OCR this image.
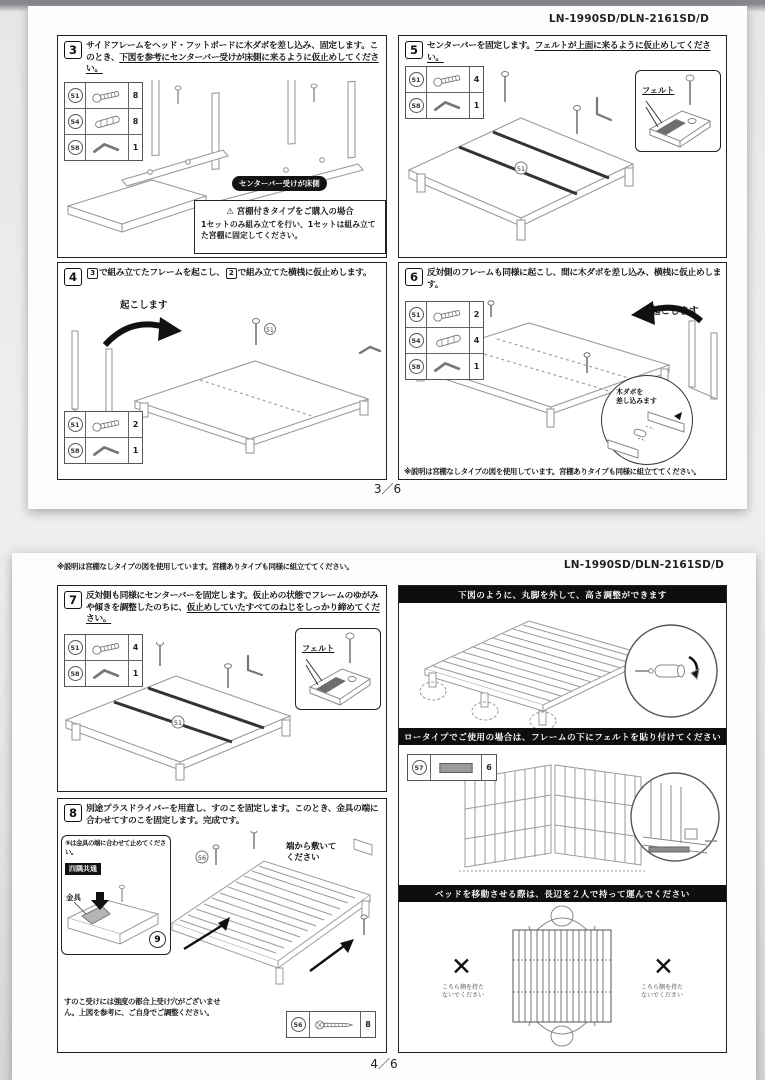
LN-1990SD/DLN-2161SD/D
3	サイドフレームをヘッド・フットボードに木ダボを差し込み、固定します。このとき、下図を参考にセンターバー受けが床側に来るように仮止めしてください。

センターバー受けが床側

⚠ 宮棚付きタイプをご購入の場合

1セットのみ組み立てを行い、1セットは組み立てた宮棚に固定してください。

51	8
54	8
58	1
4	3 で組み立てたフレームを起こし、 2 で組み立てた横桟に仮止めします。

起こします
51
51	2
58	1
5	センターバーを固定します。フェルトが上面に来るように仮止めしてください。

51
51	4
58	1
フェルト
6	反対側のフレームも同様に起こし、間に木ダボを差し込み、横桟に仮止めします。

起こします
木ダボを
差し込みます

※説明は宮棚なしタイプの図を使用しています。宮棚ありタイプも同様に組立ててください。

51	2
54	4
58	1
3／6

※説明は宮棚なしタイプの図を使用しています。宮棚ありタイプも同様に組立ててください。	LN-1990SD/DLN-2161SD/D
7	反対側も同様にセンターバーを固定します。仮止めの状態でフレームのゆがみや傾きを調整したのちに、仮止めしていたすべてのねじをしっかり締めてください。

51
51	4
58	1
フェルト
8	別途プラスドライバーを用意し、すのこを固定します。このとき、金具の端に合わせてすのこを固定します。完成です。

⑨は金具の端に合わせて止めてください。

四隅共通
金具
9
56
端から敷いて
ください

すのこ受けには強度の都合上受け穴がございません。上図を参考に、ご自身でご調整ください。

56	8
下図のように、丸脚を外して、高さ調整ができます
ロータイプでご使用の場合は、フレームの下にフェルトを貼り付けてください
57	6
ベッドを移動させる際は、長辺を２人で持って運んでください
✕
こちら側を持た
ないでください
✕
こちら側を持た
ないでください
4／6
